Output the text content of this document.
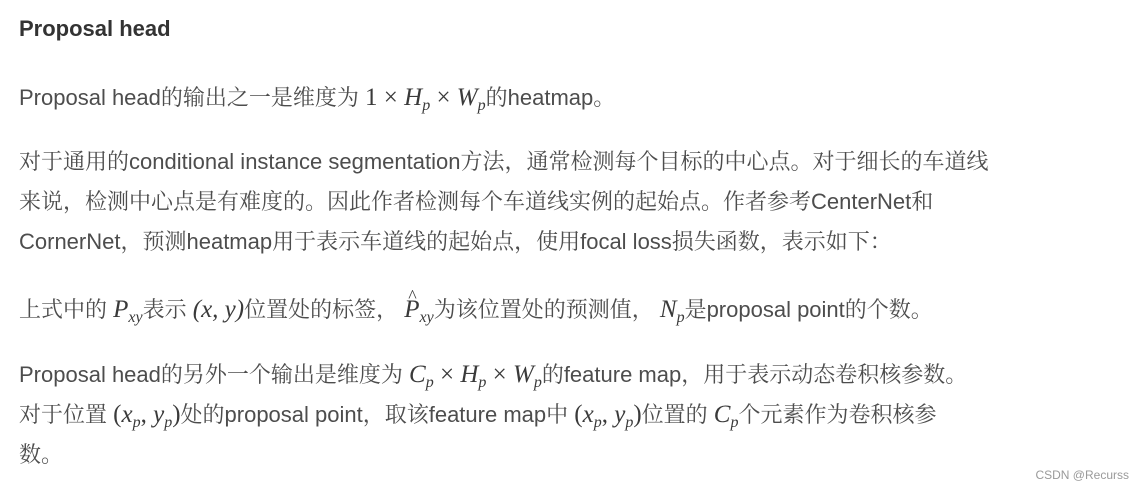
Proposal head

Proposal head的输出之一是维度为 $1 \times H_p \times W_p$的heatmap。

对于通用的conditional instance segmentation方法，通常检测每个目标的中心点。对于细长的车道线
来说，检测中心点是有难度的。因此作者检测每个车道线实例的起始点。作者参考CenterNet和
CornerNet，预测heatmap用于表示车道线的起始点，使用focal loss损失函数，表示如下：

上式中的 $P_{xy}$表示 (x, y)位置处的标签， ^ $P_{xy}$为该位置处的预测值， $N_p$是proposal point的个数。

Proposal head的另外一个输出是维度为 $C_p \times H_p \times W_p$的feature map，用于表示动态卷积核参数。
对于位置 ($x_p$, $y_p$)处的proposal point，取该feature map中 ($x_p$, $y_p$)位置的 $C_p$个元素作为卷积核参
数。

CSDN @Recurss
